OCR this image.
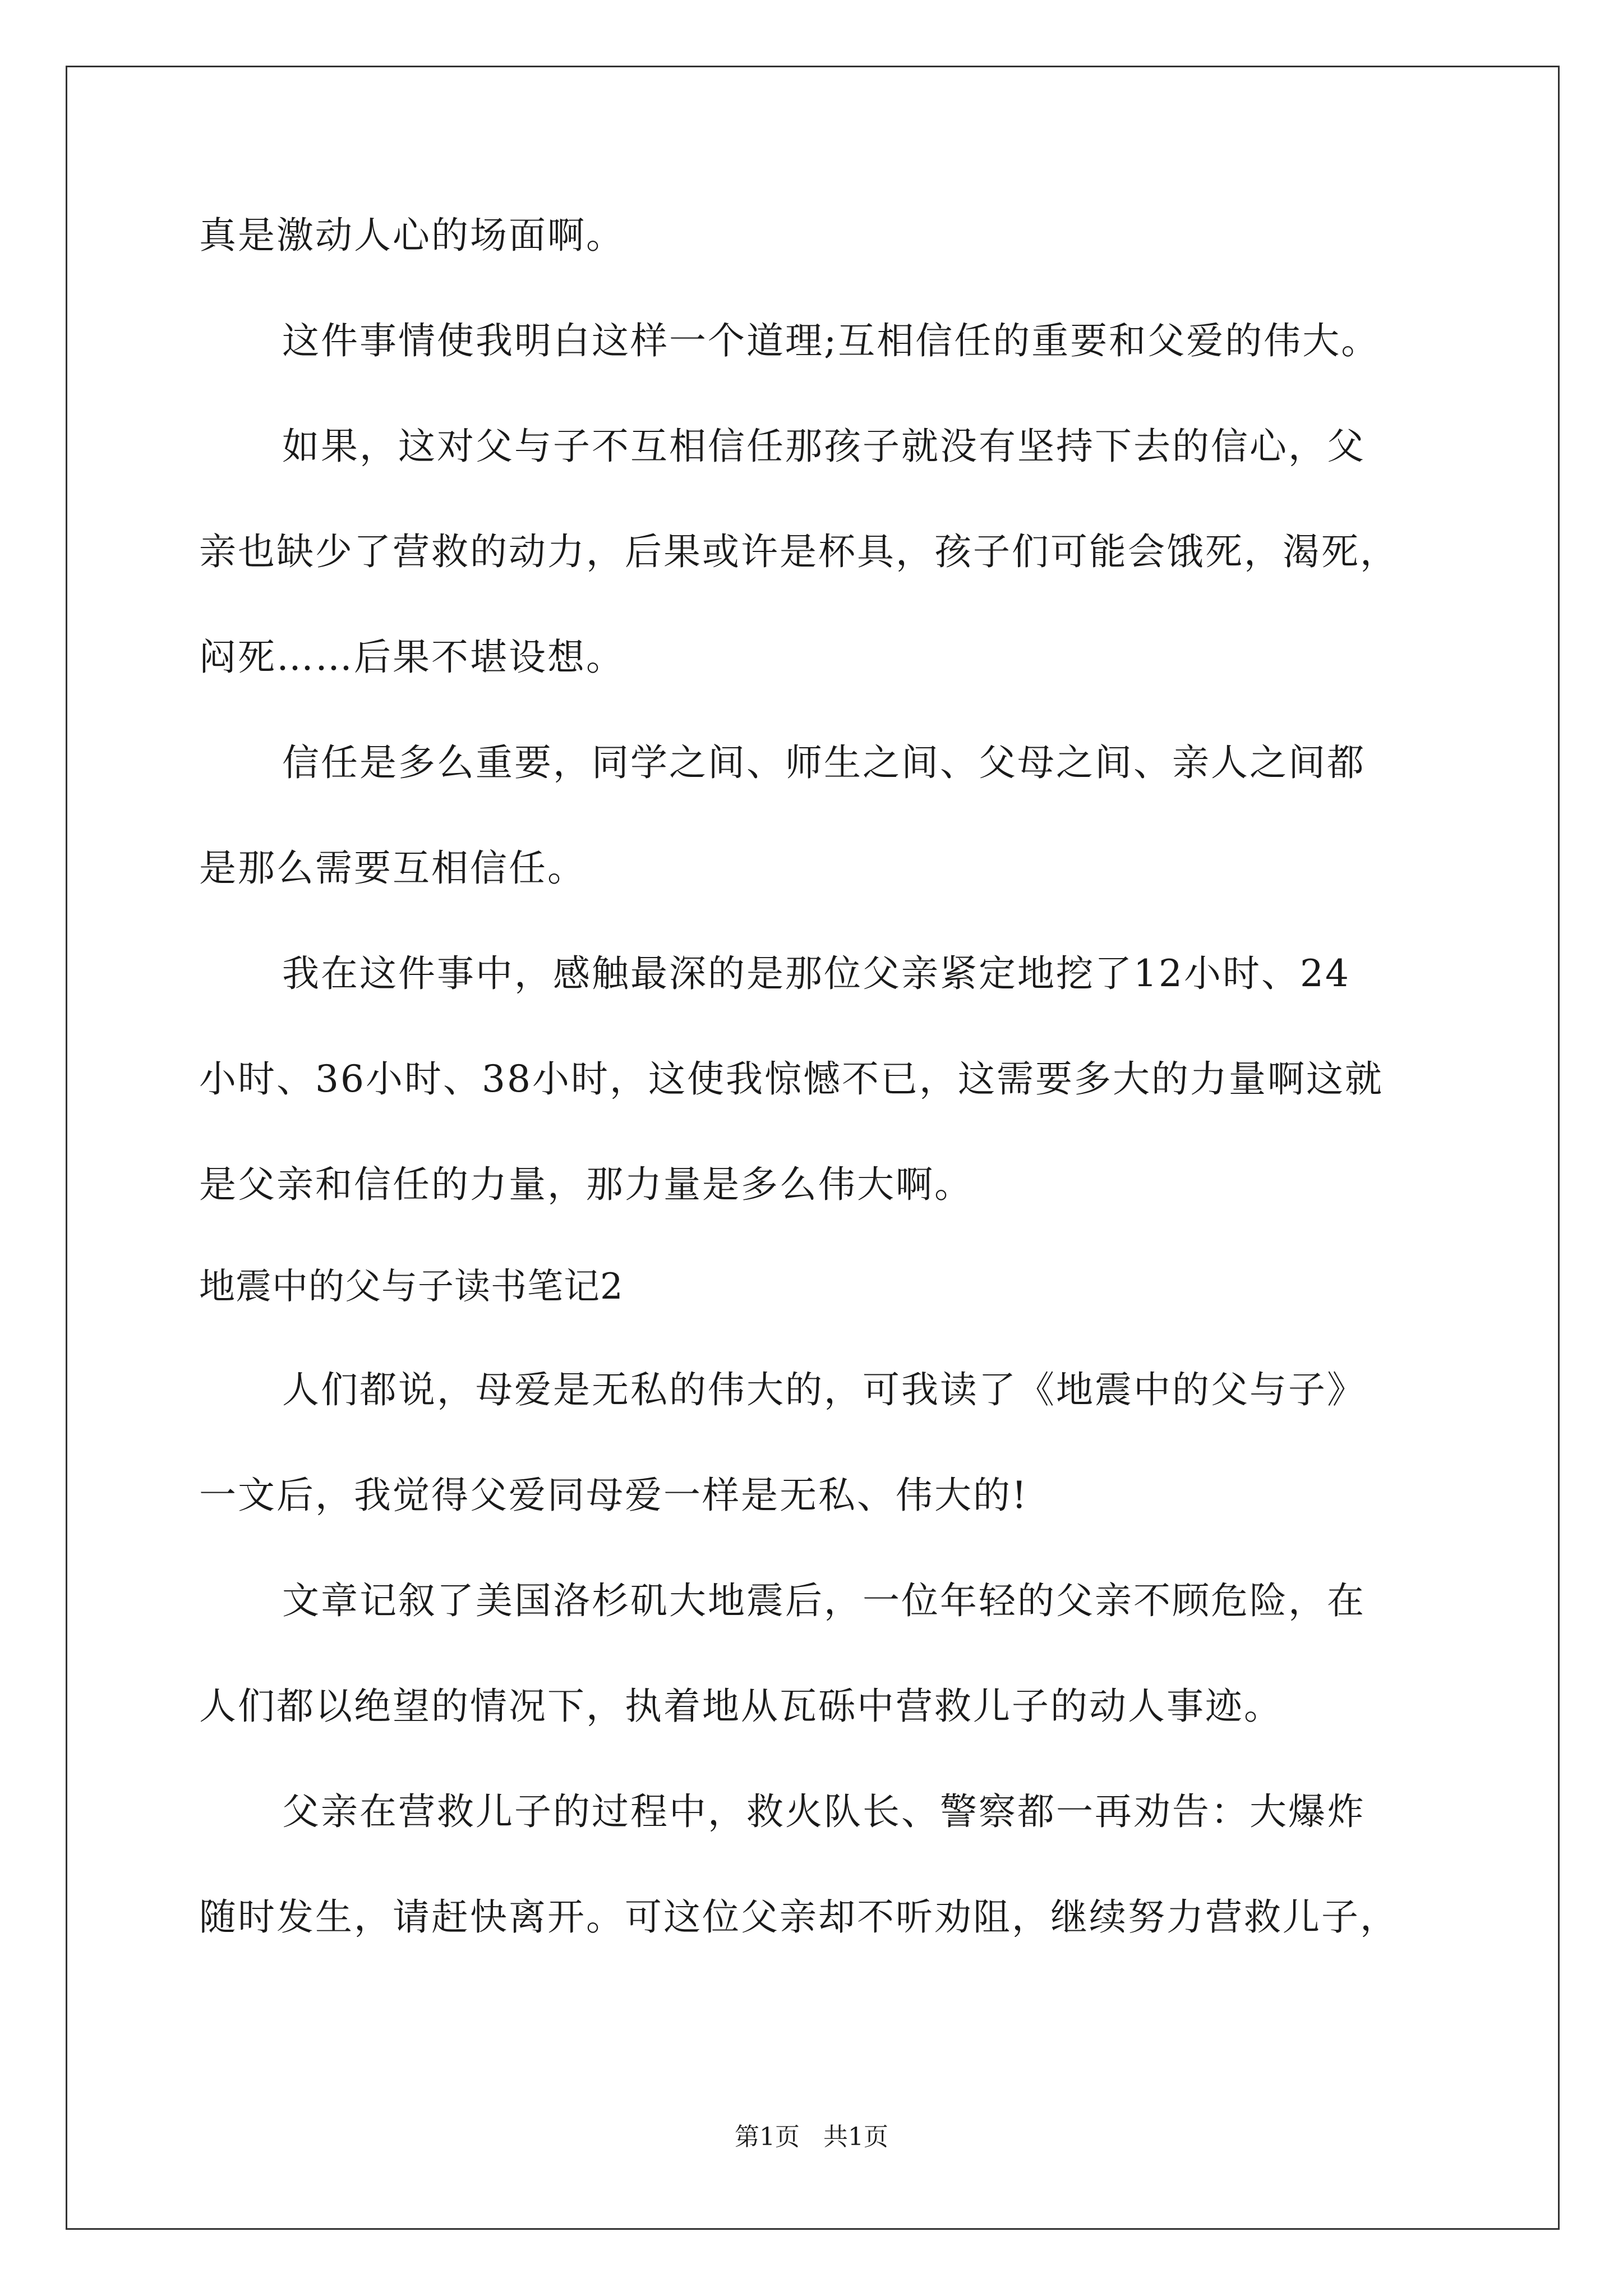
真是激动人心的场面啊。
这件事情使我明白这样一个道理;互相信任的重要和父爱的伟大。
如果，这对父与子不互相信任那孩子就没有坚持下去的信心，父
亲也缺少了营救的动力，后果或许是杯具，孩子们可能会饿死，渴死，
闷死……后果不堪设想。
信任是多么重要，同学之间、师生之间、父母之间、亲人之间都
是那么需要互相信任。
我在这件事中，感触最深的是那位父亲紧定地挖了12小时、24
小时、36小时、38小时，这使我惊憾不已，这需要多大的力量啊这就
是父亲和信任的力量，那力量是多么伟大啊。
地震中的父与子读书笔记2
人们都说，母爱是无私的伟大的，可我读了《地震中的父与子》
一文后，我觉得父爱同母爱一样是无私、伟大的!
文章记叙了美国洛杉矶大地震后，一位年轻的父亲不顾危险，在
人们都以绝望的情况下，执着地从瓦砾中营救儿子的动人事迹。
父亲在营救儿子的过程中，救火队长、警察都一再劝告：大爆炸
随时发生，请赶快离开。可这位父亲却不听劝阻，继续努力营救儿子，
第1页   共1页
